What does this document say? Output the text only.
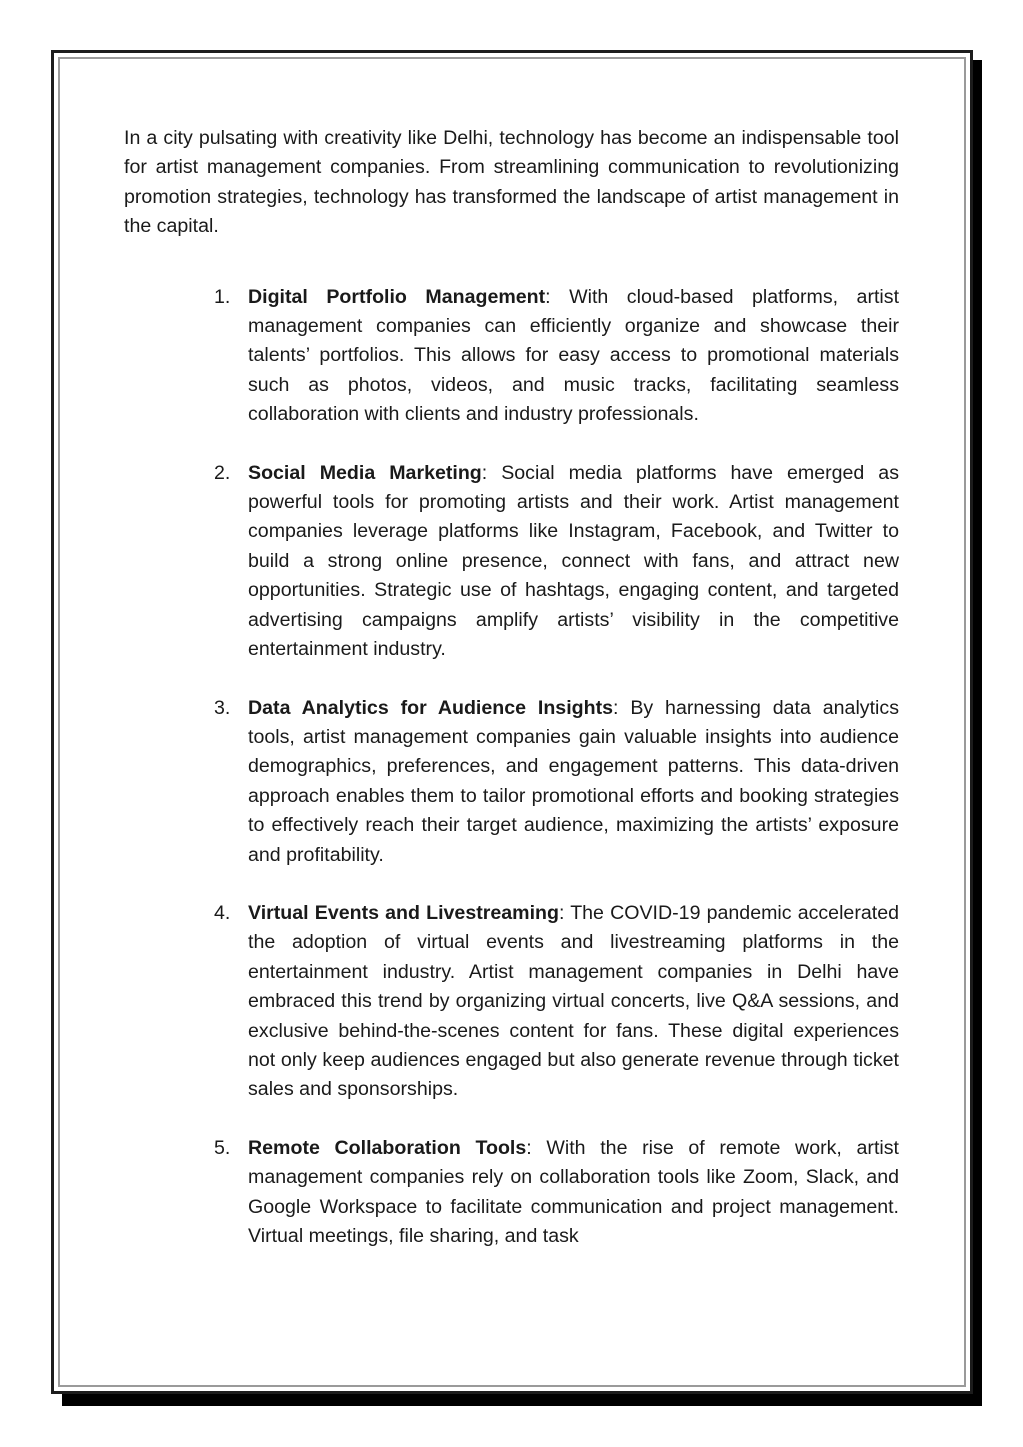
In a city pulsating with creativity like Delhi, technology has become an indispensable tool for artist management companies. From streamlining communication to revolutionizing promotion strategies, technology has transformed the landscape of artist management in the capital.

1. Digital Portfolio Management: With cloud-based platforms, artist management companies can efficiently organize and showcase their talents’ portfolios. This allows for easy access to promotional materials such as photos, videos, and music tracks, facilitating seamless collaboration with clients and industry professionals.
2. Social Media Marketing: Social media platforms have emerged as powerful tools for promoting artists and their work. Artist management companies leverage platforms like Instagram, Facebook, and Twitter to build a strong online presence, connect with fans, and attract new opportunities. Strategic use of hashtags, engaging content, and targeted advertising campaigns amplify artists’ visibility in the competitive entertainment industry.
3. Data Analytics for Audience Insights: By harnessing data analytics tools, artist management companies gain valuable insights into audience demographics, preferences, and engagement patterns. This data-driven approach enables them to tailor promotional efforts and booking strategies to effectively reach their target audience, maximizing the artists’ exposure and profitability.
4. Virtual Events and Livestreaming: The COVID-19 pandemic accelerated the adoption of virtual events and livestreaming platforms in the entertainment industry. Artist management companies in Delhi have embraced this trend by organizing virtual concerts, live Q&A sessions, and exclusive behind-the-scenes content for fans. These digital experiences not only keep audiences engaged but also generate revenue through ticket sales and sponsorships.
5. Remote Collaboration Tools: With the rise of remote work, artist management companies rely on collaboration tools like Zoom, Slack, and Google Workspace to facilitate communication and project management. Virtual meetings, file sharing, and task
